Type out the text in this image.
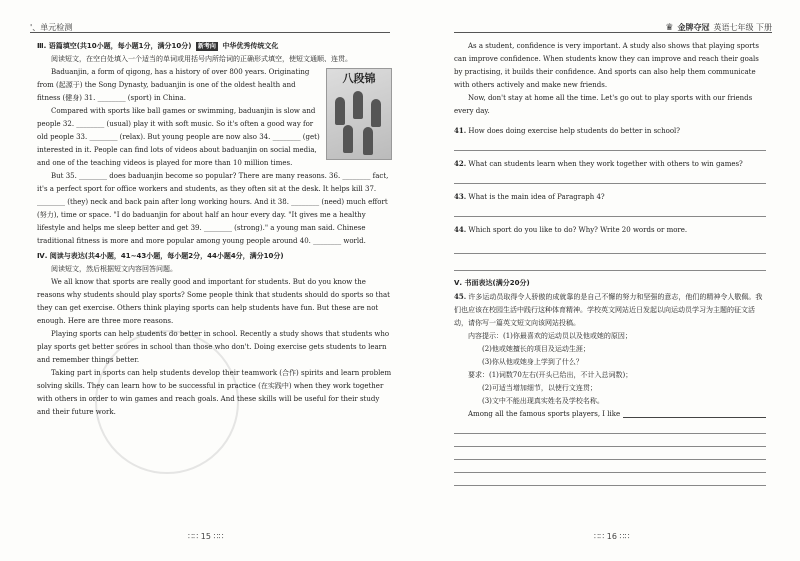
'、单元检测	♛ 金牌夺冠 英语七年级 下册

Ⅲ. 语篇填空(共10小题，每小题1分，满分10分) 新考向 中华优秀传统文化

阅读短文，在空白处填入一个适当的单词或用括号内所给词的正确形式填空，使短文通顺、连贯。

八段锦

Baduanjin, a form of qigong, has a history of over 800 years. Originating from (起源于) the Song Dynasty, baduanjin is one of the oldest health and fitness (健身) 31. ________ (sport) in China.

Compared with sports like ball games or swimming, baduanjin is slow and people 32. ________ (usual) play it with soft music. So it's often a good way for old people 33. ________ (relax). But young people are now also 34. ________ (get) interested in it. People can find lots of videos about baduanjin on social media, and one of the teaching videos is played for more than 10 million times.

But 35. ________ does baduanjin become so popular? There are many reasons. 36. ________ fact, it's a perfect sport for office workers and students, as they often sit at the desk. It helps kill 37. ________ (they) neck and back pain after long working hours. And it 38. ________ (need) much effort (努力), time or space. "I do baduanjin for about half an hour every day. "It gives me a healthy lifestyle and helps me sleep better and get 39. ________ (strong)." a young man said. Chinese traditional fitness is more and more popular among young people around 40. ________ world.

Ⅳ. 阅读与表达(共4小题，41~43小题，每小题2分，44小题4分，满分10分)

阅读短文，然后根据短文内容回答问题。

We all know that sports are really good and important for students. But do you know the reasons why students should play sports? Some people think that students should do sports so that they can get exercise. Others think playing sports can help students have fun. But these are not enough. Here are three more reasons.

Playing sports can help students do better in school. Recently a study shows that students who play sports get better scores in school than those who don't. Doing exercise gets students to learn and remember things better.

Taking part in sports can help students develop their teamwork (合作) spirits and learn problem solving skills. They can learn how to be successful in practice (在实践中) when they work together with others in order to win games and reach goals. And these skills will be useful for their study and their future work.

As a student, confidence is very important. A study also shows that playing sports can improve confidence. When students know they can improve and reach their goals by practising, it builds their confidence. And sports can also help them communicate with others actively and make new friends.

Now, don't stay at home all the time. Let's go out to play sports with our friends every day.

41. How does doing exercise help students do better in school?
42. What can students learn when they work together with others to win games?
43. What is the main idea of Paragraph 4?
44. Which sport do you like to do? Why? Write 20 words or more.

Ⅴ. 书面表达(满分20分)

45. 许多运动员取得令人骄傲的成就靠的是自己不懈的努力和坚强的意志，他们的精神令人敬佩。我们也应该在校园生活中践行这种体育精神。学校英文网站近日发起以向运动员学习为主题的征文活动，请你写一篇英文短文向该网站投稿。

内容提示：(1)你最喜欢的运动员以及他或她的原因；

(2)他或她擅长的项目及运动生涯；

(3)你从他或她身上学到了什么？

要求：(1)词数70左右(开头已给出，不计入总词数)；

(2)可适当增加细节，以使行文连贯；

(3)文中不能出现真实姓名及学校名称。

Among all the famous sports players, I like

∷∷ 15 ∷∷	∷∷ 16 ∷∷
